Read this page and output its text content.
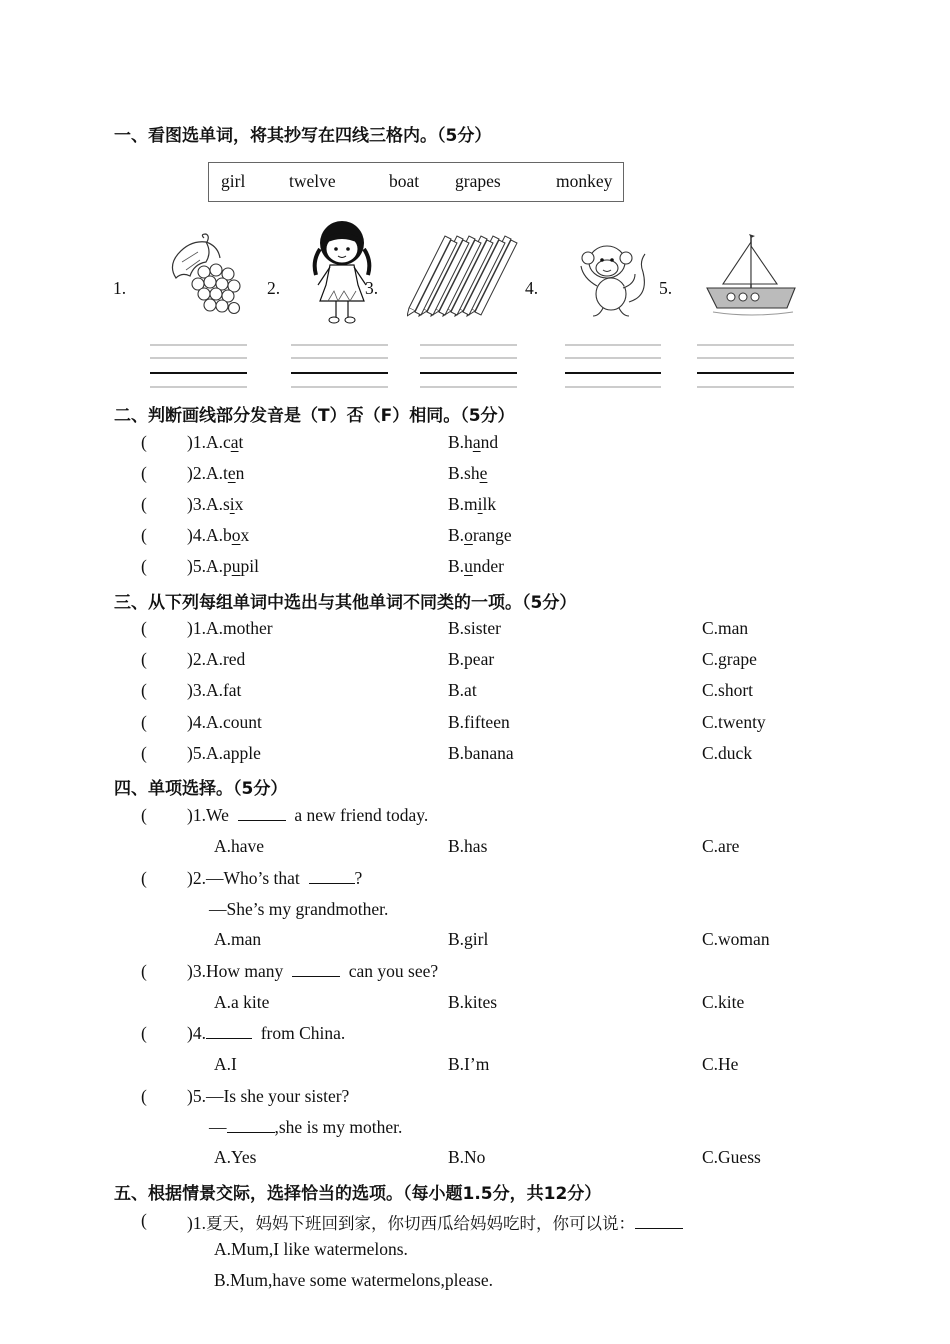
一、看图选单词，将其抄写在四线三格内。（5分）
girl twelve	boat grapes	monkey
1.	2.	3.	4.	5.
二、判断画线部分发音是（T）否（F）相同。（5分）
( )1.A.cat	B.hand
( )2.A.ten	B.she
( )3.A.six	B.milk
( )4.A.box	B.orange
( )5.A.pupil	B.under
三、从下列每组单词中选出与其他单词不同类的一项。（5分）
( )1.A.mother	B.sister	C.man
( )2.A.red	B.pear	C.grape
( )3.A.fat	B.at	C.short
( )4.A.count	B.fifteen	C.twenty
( )5.A.apple	B.banana	C.duck
四、单项选择。（5分）
( )1.We	a new friend today.
A.have	B.has	C.are
( )2.—Who’s that	?
—She’s my grandmother.
A.man	B.girl	C.woman
( )3.How many	can you see?
A.a kite	B.kites	C.kite
( )4.	from China.
A.I	B.I’m	C.He
( )5.—Is she your sister?
—	,she is my mother.
A.Yes	B.No	C.Guess
五、根据情景交际，选择恰当的选项。（每小题1.5分，共12分）
( )1.夏天，妈妈下班回到家，你切西瓜给妈妈吃时，你可以说：
A.Mum,I like watermelons.
B.Mum,have some watermelons,please.
